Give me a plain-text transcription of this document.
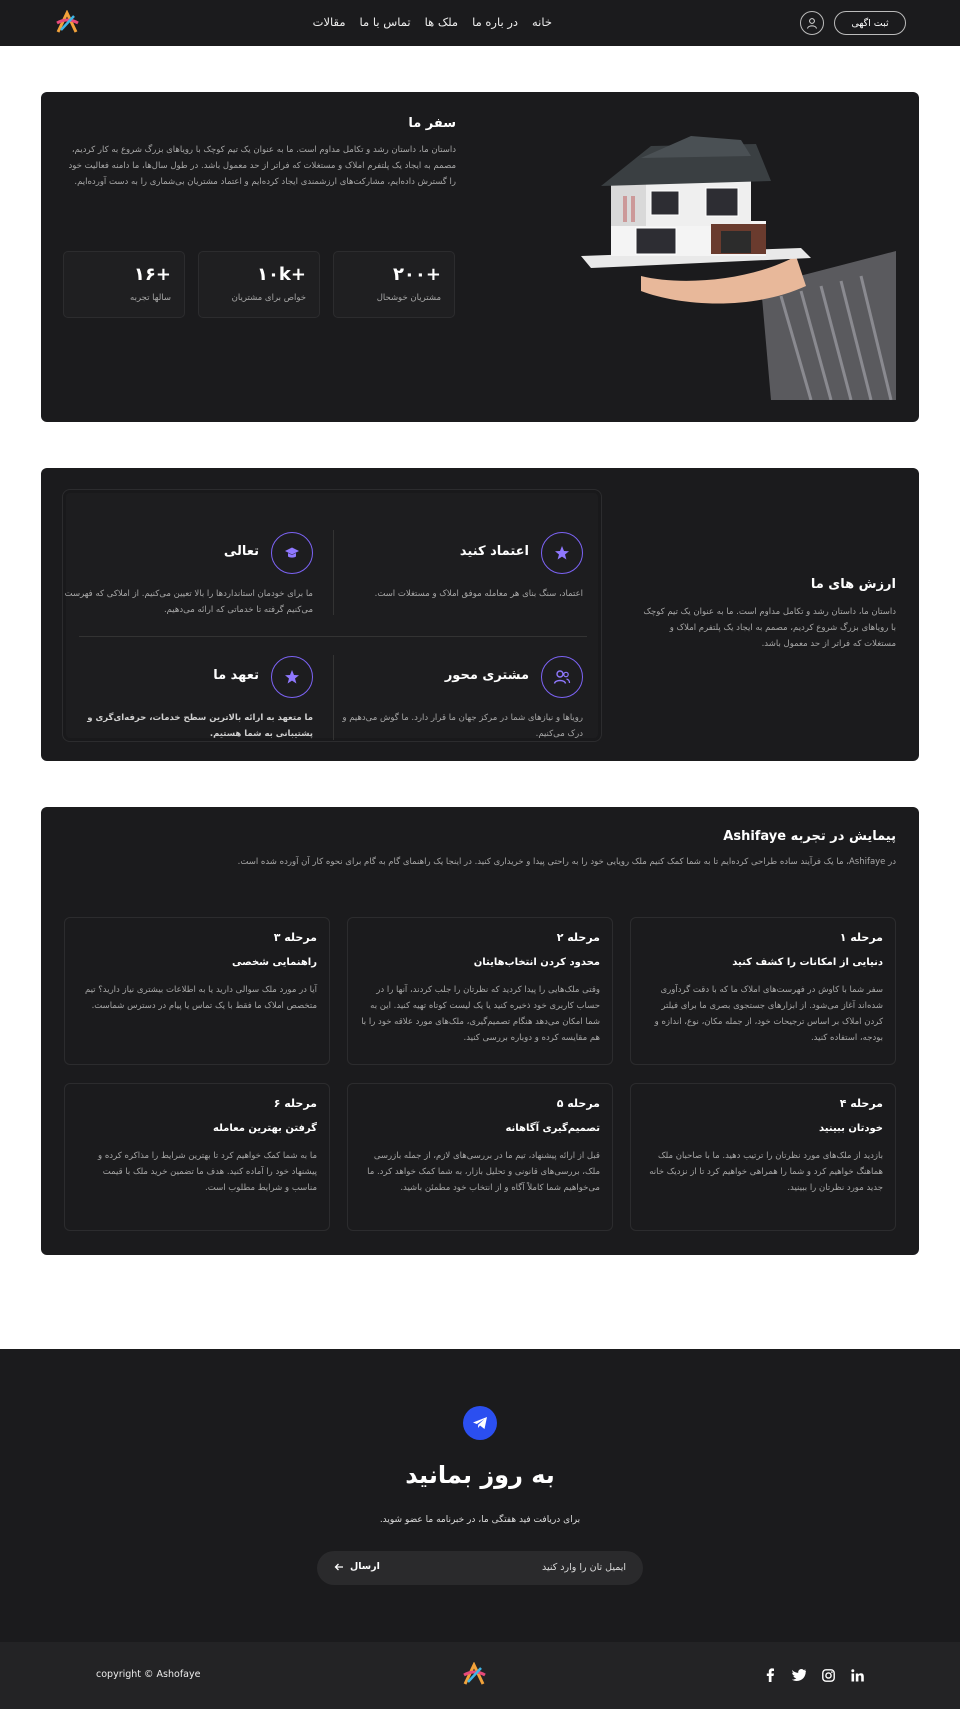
خانه
در باره ما
ملک ها
تماس با ما
مقالات	ثبت اگهی
سفر ما
داستان ما، داستان رشد و تکامل مداوم است. ما به عنوان یک تیم کوچک با رویاهای بزرگ شروع به کار کردیم، مصمم به ایجاد یک پلتفرم املاک و مستغلات که فراتر از حد معمول باشد. در طول سال‌ها، ما دامنه فعالیت خود را گسترش داده‌ایم، مشارکت‌های ارزشمندی ایجاد کرده‌ایم و اعتماد مشتریان بی‌شماری را به دست آورده‌ایم.
+۲۰۰
مشتریان خوشحال
+۱۰k
خواص برای مشتریان
+۱۶
سالها تجربه
ارزش های ما
داستان ما، داستان رشد و تکامل مداوم است. ما به عنوان یک تیم کوچک با رویاهای بزرگ شروع کردیم، مصمم به ایجاد یک پلتفرم املاک و مستغلات که فراتر از حد معمول باشد.
اعتماد کنید
اعتماد، سنگ بنای هر معامله موفق املاک و مستغلات است.
تعالی
ما برای خودمان استانداردها را بالا تعیین می‌کنیم. از املاکی که فهرست می‌کنیم گرفته تا خدماتی که ارائه می‌دهیم.
مشتری محور
رویاها و نیازهای شما در مرکز جهان ما قرار دارد. ما گوش می‌دهیم و درک می‌کنیم.
تعهد ما
ما متعهد به ارائه بالاترین سطح خدمات، حرفه‌ای‌گری و پشتیبانی به شما هستیم.
پیمایش در تجربه Ashifaye
در Ashifaye، ما یک فرآیند ساده طراحی کرده‌ایم تا به شما کمک کنیم ملک رویایی خود را به راحتی پیدا و خریداری کنید. در اینجا یک راهنمای گام به گام برای نحوه کار آن آورده شده است.
مرحله ۱
دنیایی از امکانات را کشف کنید
سفر شما با کاوش در فهرست‌های املاک ما که با دقت گردآوری شده‌اند آغاز می‌شود. از ابزارهای جستجوی بصری ما برای فیلتر کردن املاک بر اساس ترجیحات خود، از جمله مکان، نوع، اندازه و بودجه، استفاده کنید.
مرحله ۲
محدود کردن انتخاب‌هایتان
وقتی ملک‌هایی را پیدا کردید که نظرتان را جلب کردند، آنها را در حساب کاربری خود ذخیره کنید یا یک لیست کوتاه تهیه کنید. این به شما امکان می‌دهد هنگام تصمیم‌گیری، ملک‌های مورد علاقه خود را با هم مقایسه کرده و دوباره بررسی کنید.
مرحله ۳
راهنمایی شخصی
آیا در مورد ملک سوالی دارید یا به اطلاعات بیشتری نیاز دارید؟ تیم متخصص املاک ما فقط با یک تماس یا پیام در دسترس شماست.
مرحله ۴
خودتان ببینید
بازدید از ملک‌های مورد نظرتان را ترتیب دهید. ما با صاحبان ملک هماهنگ خواهیم کرد و شما را همراهی خواهیم کرد تا از نزدیک خانه جدید مورد نظرتان را ببینید.
مرحله ۵
تصمیم‌گیری آگاهانه
قبل از ارائه پیشنهاد، تیم ما در بررسی‌های لازم، از جمله بازرسی ملک، بررسی‌های قانونی و تحلیل بازار، به شما کمک خواهد کرد. ما می‌خواهیم شما کاملاً آگاه و از انتخاب خود مطمئن باشید.
مرحله ۶
گرفتن بهترین معامله
ما به شما کمک خواهیم کرد تا بهترین شرایط را مذاکره کرده و پیشنهاد خود را آماده کنید. هدف ما تضمین خرید ملک با قیمت مناسب و شرایط مطلوب است.
به روز بمانید
برای دریافت فید هفتگی ما، در خبرنامه ما عضو شوید.
ایمیل تان را وارد کنید
ارسال
copyright © Ashofaye
